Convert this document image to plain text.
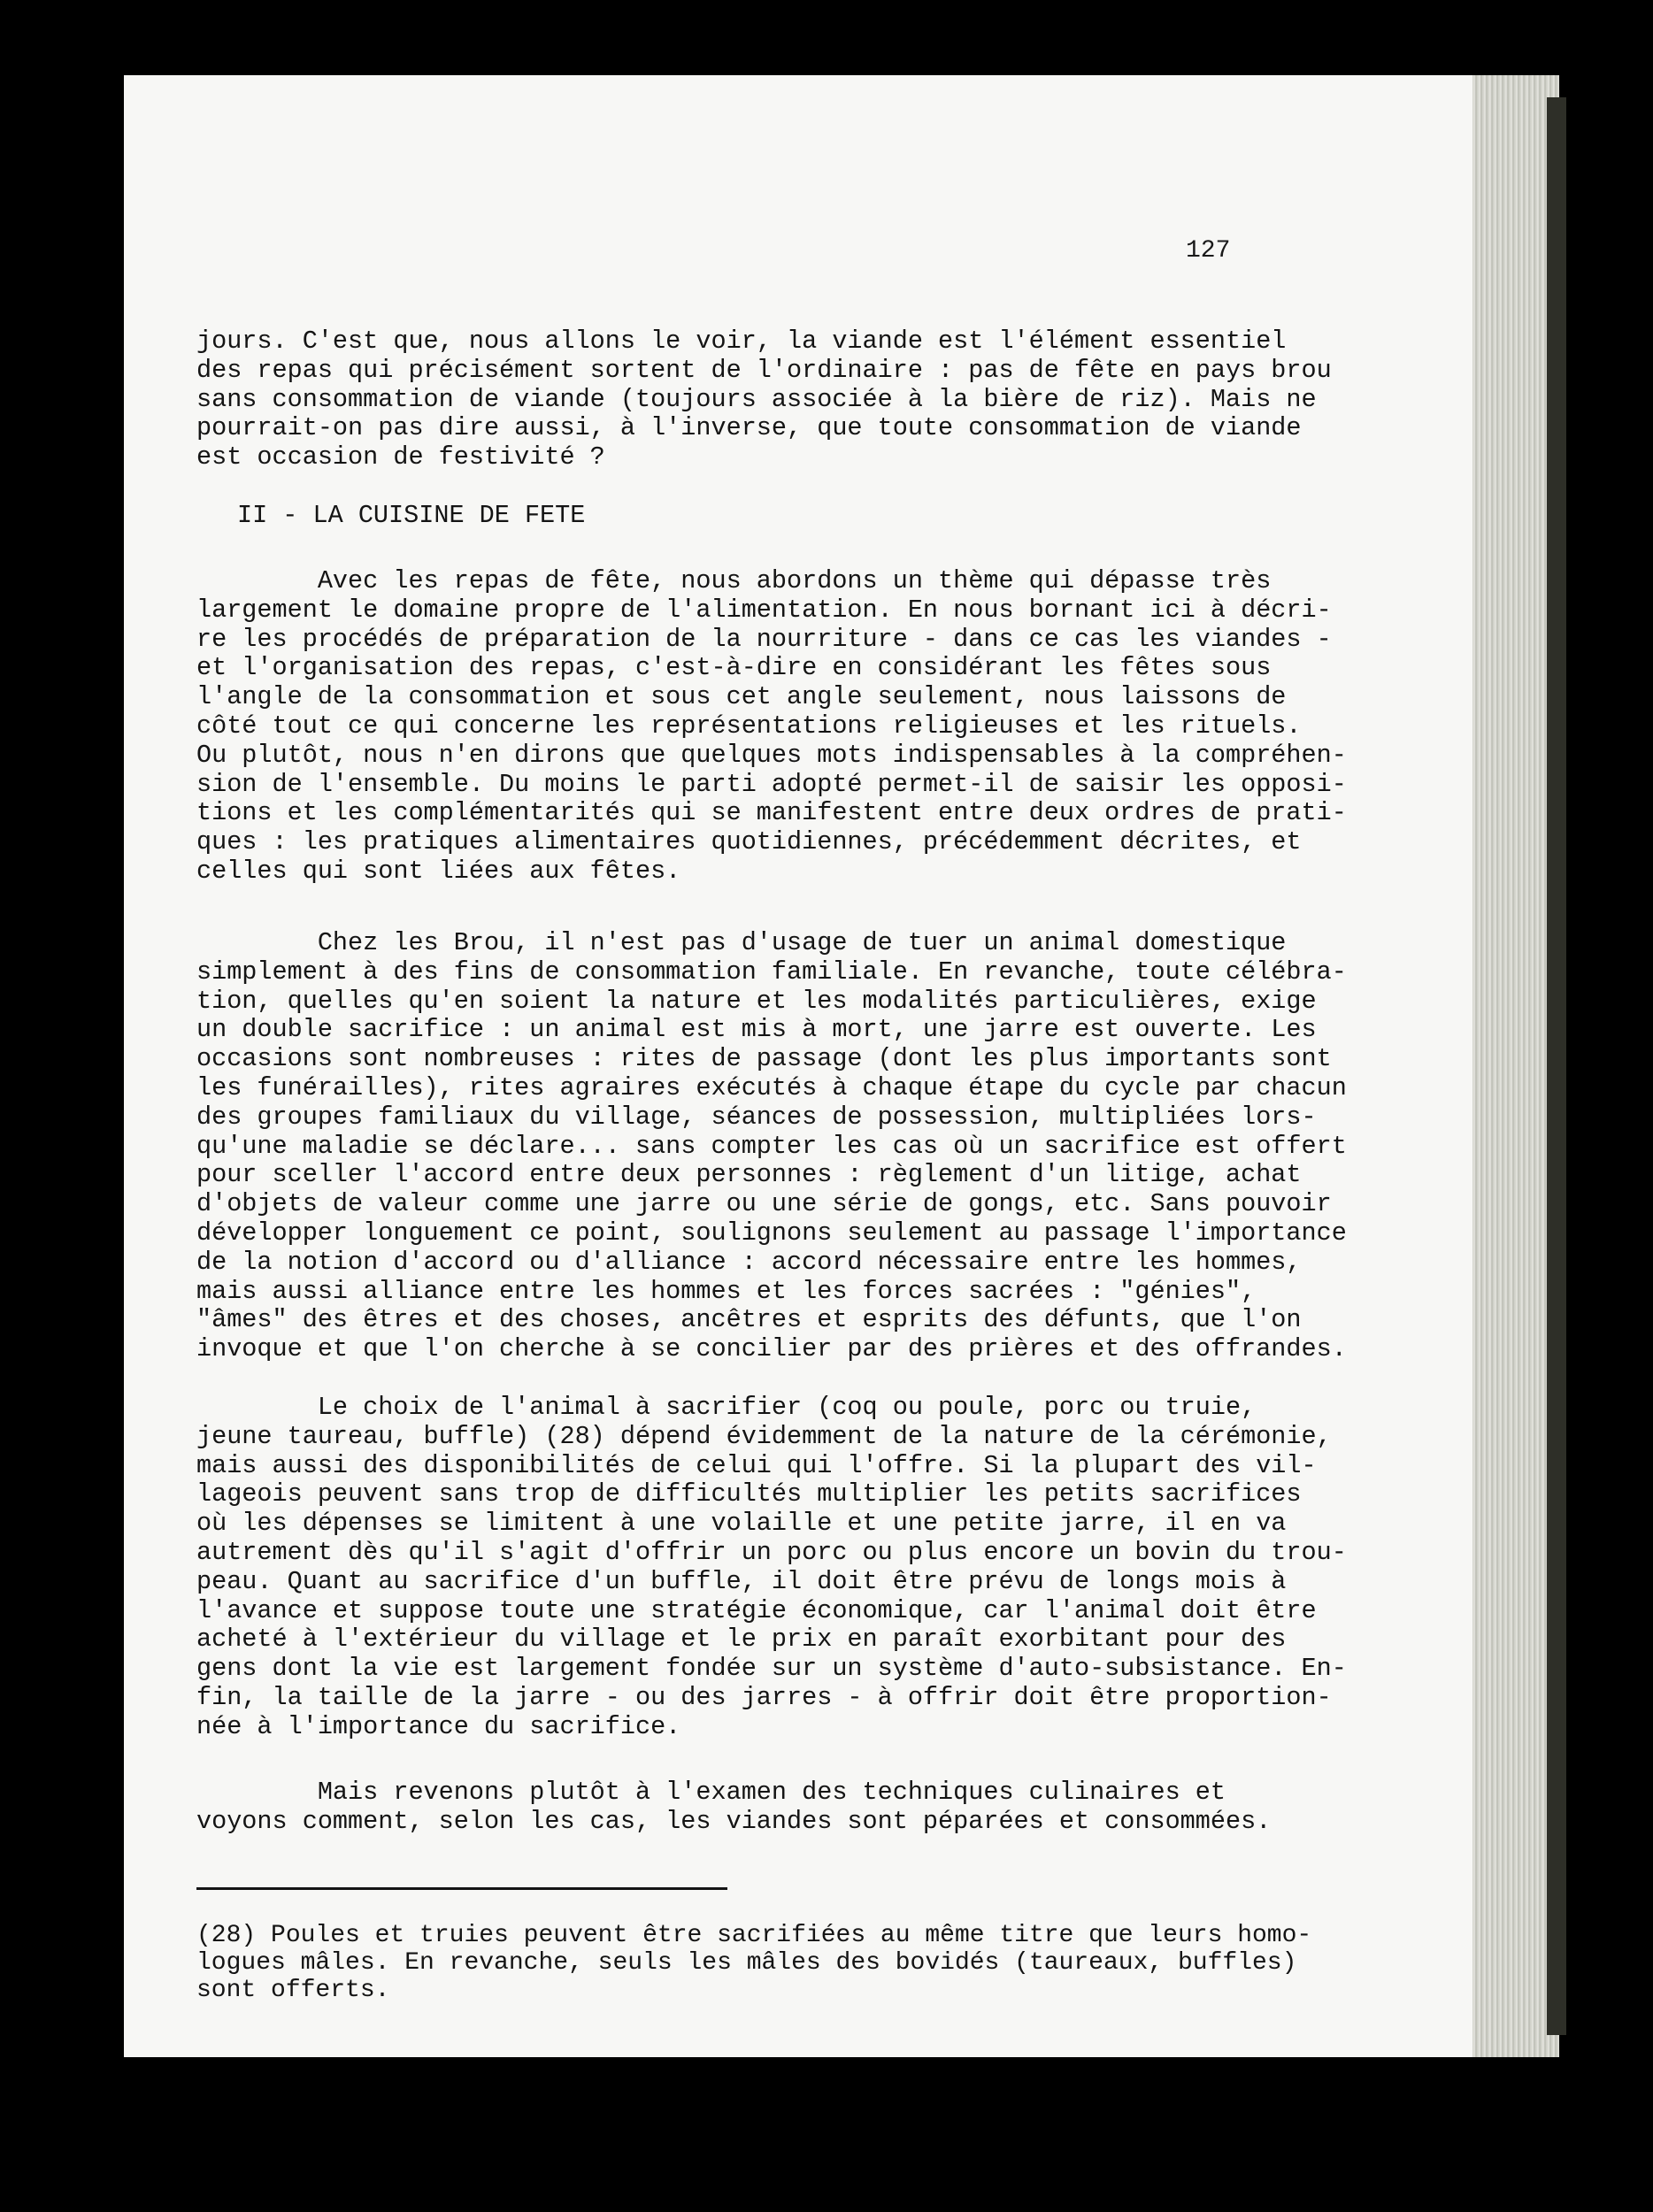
127
jours. C'est que, nous allons le voir, la viande est l'élément essentiel
des repas qui précisément sortent de l'ordinaire : pas de fête en pays brou
sans consommation de viande (toujours associée à la bière de riz). Mais ne
pourrait-on pas dire aussi, à l'inverse, que toute consommation de viande
est occasion de festivité ?
II - LA CUISINE DE FETE
Avec les repas de fête, nous abordons un thème qui dépasse très
largement le domaine propre de l'alimentation. En nous bornant ici à décri-
re les procédés de préparation de la nourriture - dans ce cas les viandes -
et l'organisation des repas, c'est-à-dire en considérant les fêtes sous
l'angle de la consommation et sous cet angle seulement, nous laissons de
côté tout ce qui concerne les représentations religieuses et les rituels.
Ou plutôt, nous n'en dirons que quelques mots indispensables à la compréhen-
sion de l'ensemble. Du moins le parti adopté permet-il de saisir les opposi-
tions et les complémentarités qui se manifestent entre deux ordres de prati-
ques : les pratiques alimentaires quotidiennes, précédemment décrites, et
celles qui sont liées aux fêtes.
Chez les Brou, il n'est pas d'usage de tuer un animal domestique
simplement à des fins de consommation familiale. En revanche, toute célébra-
tion, quelles qu'en soient la nature et les modalités particulières, exige
un double sacrifice : un animal est mis à mort, une jarre est ouverte. Les
occasions sont nombreuses : rites de passage (dont les plus importants sont
les funérailles), rites agraires exécutés à chaque étape du cycle par chacun
des groupes familiaux du village, séances de possession, multipliées lors-
qu'une maladie se déclare... sans compter les cas où un sacrifice est offert
pour sceller l'accord entre deux personnes : règlement d'un litige, achat
d'objets de valeur comme une jarre ou une série de gongs, etc. Sans pouvoir
développer longuement ce point, soulignons seulement au passage l'importance
de la notion d'accord ou d'alliance : accord nécessaire entre les hommes,
mais aussi alliance entre les hommes et les forces sacrées : "génies",
"âmes" des êtres et des choses, ancêtres et esprits des défunts, que l'on
invoque et que l'on cherche à se concilier par des prières et des offrandes.
Le choix de l'animal à sacrifier (coq ou poule, porc ou truie,
jeune taureau, buffle) (28) dépend évidemment de la nature de la cérémonie,
mais aussi des disponibilités de celui qui l'offre. Si la plupart des vil-
lageois peuvent sans trop de difficultés multiplier les petits sacrifices
où les dépenses se limitent à une volaille et une petite jarre, il en va
autrement dès qu'il s'agit d'offrir un porc ou plus encore un bovin du trou-
peau. Quant au sacrifice d'un buffle, il doit être prévu de longs mois à
l'avance et suppose toute une stratégie économique, car l'animal doit être
acheté à l'extérieur du village et le prix en paraît exorbitant pour des
gens dont la vie est largement fondée sur un système d'auto-subsistance. En-
fin, la taille de la jarre - ou des jarres - à offrir doit être proportion-
née à l'importance du sacrifice.
Mais revenons plutôt à l'examen des techniques culinaires et
voyons comment, selon les cas, les viandes sont péparées et consommées.
(28) Poules et truies peuvent être sacrifiées au même titre que leurs homo-
logues mâles. En revanche, seuls les mâles des bovidés (taureaux, buffles)
sont offerts.
